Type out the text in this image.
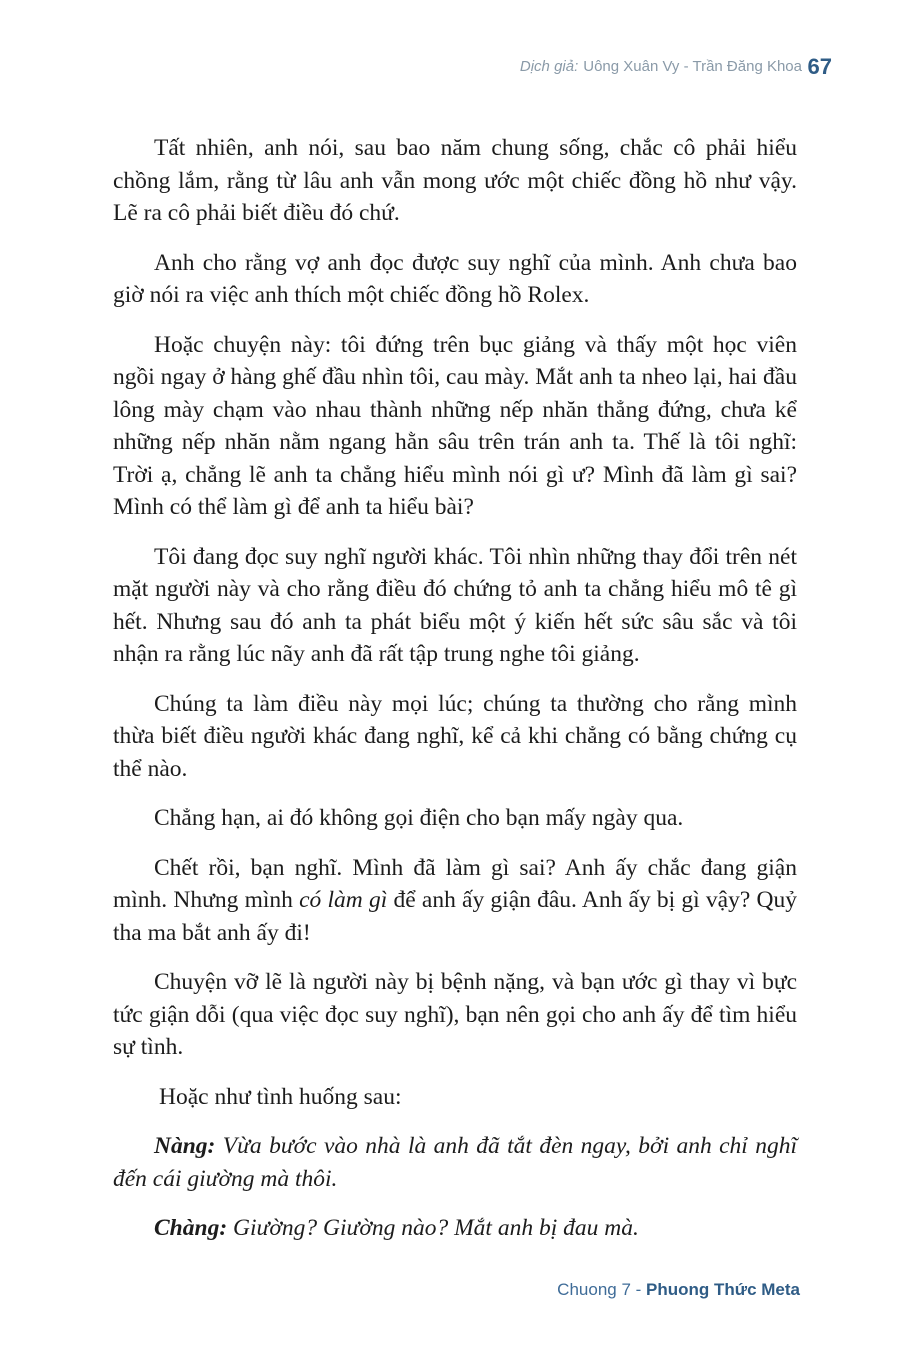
Dịch giả: Uông Xuân Vy - Trần Đăng Khoa 67

Tất nhiên, anh nói, sau bao năm chung sống, chắc cô phải hiểu chồng lắm, rằng từ lâu anh vẫn mong ước một chiếc đồng hồ như vậy. Lẽ ra cô phải biết điều đó chứ.

Anh cho rằng vợ anh đọc được suy nghĩ của mình. Anh chưa bao giờ nói ra việc anh thích một chiếc đồng hồ Rolex.

Hoặc chuyện này: tôi đứng trên bục giảng và thấy một học viên ngồi ngay ở hàng ghế đầu nhìn tôi, cau mày. Mắt anh ta nheo lại, hai đầu lông mày chạm vào nhau thành những nếp nhăn thẳng đứng, chưa kể những nếp nhăn nằm ngang hằn sâu trên trán anh ta. Thế là tôi nghĩ: Trời ạ, chẳng lẽ anh ta chẳng hiểu mình nói gì ư? Mình đã làm gì sai? Mình có thể làm gì để anh ta hiểu bài?

Tôi đang đọc suy nghĩ người khác. Tôi nhìn những thay đổi trên nét mặt người này và cho rằng điều đó chứng tỏ anh ta chẳng hiểu mô tê gì hết. Nhưng sau đó anh ta phát biểu một ý kiến hết sức sâu sắc và tôi nhận ra rằng lúc nãy anh đã rất tập trung nghe tôi giảng.

Chúng ta làm điều này mọi lúc; chúng ta thường cho rằng mình thừa biết điều người khác đang nghĩ, kể cả khi chẳng có bằng chứng cụ thể nào.

Chẳng hạn, ai đó không gọi điện cho bạn mấy ngày qua.

Chết rồi, bạn nghĩ. Mình đã làm gì sai? Anh ấy chắc đang giận mình. Nhưng mình có làm gì để anh ấy giận đâu. Anh ấy bị gì vậy? Quỷ tha ma bắt anh ấy đi!

Chuyện vỡ lẽ là người này bị bệnh nặng, và bạn ước gì thay vì bực tức giận dỗi (qua việc đọc suy nghĩ), bạn nên gọi cho anh ấy để tìm hiểu sự tình.

Hoặc như tình huống sau:

Nàng: Vừa bước vào nhà là anh đã tắt đèn ngay, bởi anh chỉ nghĩ đến cái giường mà thôi.

Chàng: Giường? Giường nào? Mắt anh bị đau mà.

Chuong 7 - Phuong Thức Meta
